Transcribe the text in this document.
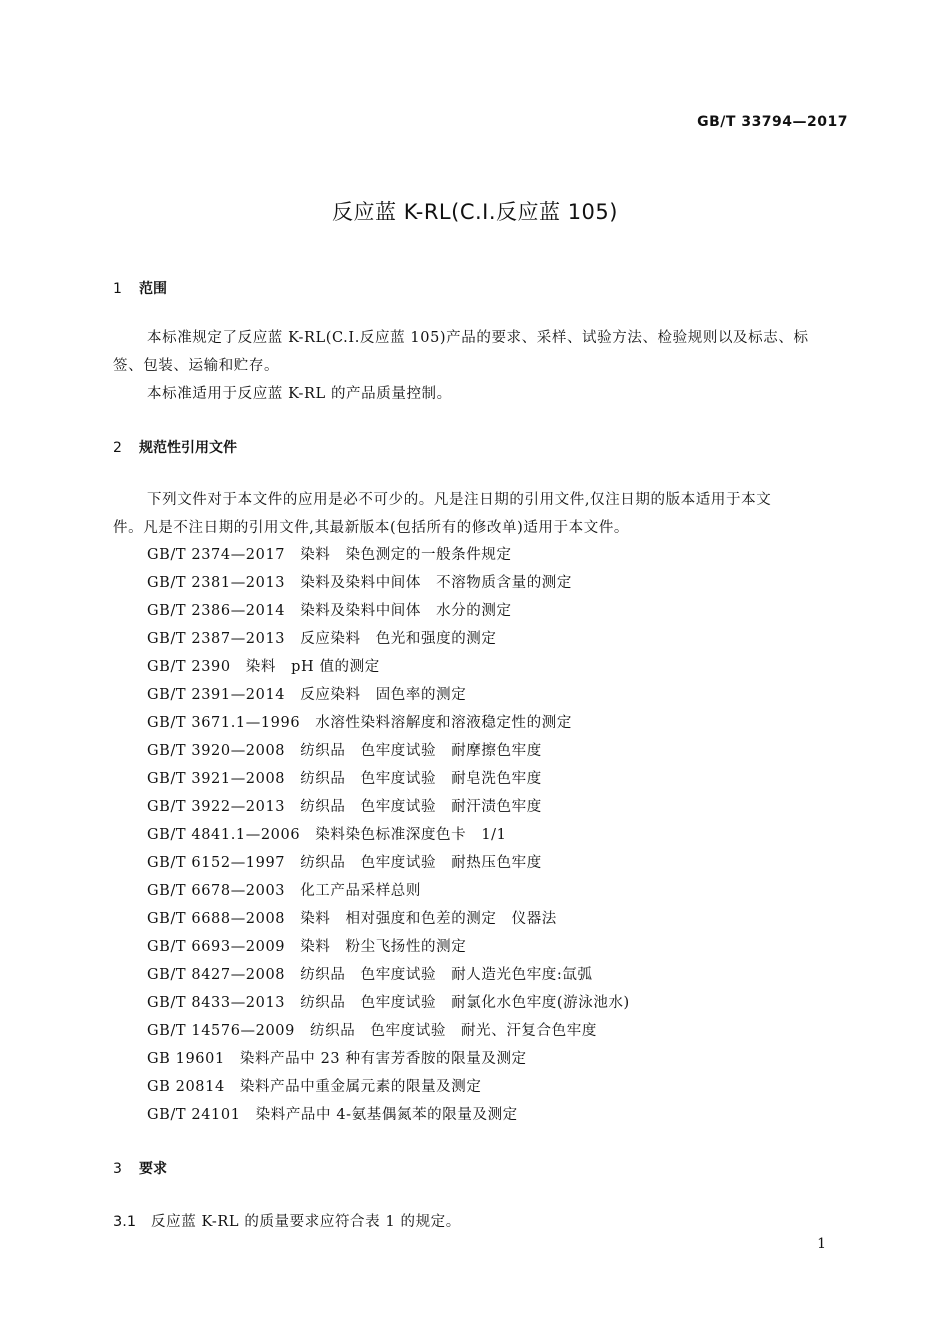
GB/T 33794—2017
反应蓝 K-RL(C.I.反应蓝 105)
1 范围
本标准规定了反应蓝 K-RL(C.I.反应蓝 105)产品的要求、采样、试验方法、检验规则以及标志、标
签、包装、运输和贮存。
本标准适用于反应蓝 K-RL 的产品质量控制。
2 规范性引用文件
下列文件对于本文件的应用是必不可少的。凡是注日期的引用文件,仅注日期的版本适用于本文
件。凡是不注日期的引用文件,其最新版本(包括所有的修改单)适用于本文件。
GB/T 2374—2017　染料　染色测定的一般条件规定
GB/T 2381—2013　染料及染料中间体　不溶物质含量的测定
GB/T 2386—2014　染料及染料中间体　水分的测定
GB/T 2387—2013　反应染料　色光和强度的测定
GB/T 2390　染料　pH 值的测定
GB/T 2391—2014　反应染料　固色率的测定
GB/T 3671.1—1996　水溶性染料溶解度和溶液稳定性的测定
GB/T 3920—2008　纺织品　色牢度试验　耐摩擦色牢度
GB/T 3921—2008　纺织品　色牢度试验　耐皂洗色牢度
GB/T 3922—2013　纺织品　色牢度试验　耐汗渍色牢度
GB/T 4841.1—2006　染料染色标准深度色卡　1/1
GB/T 6152—1997　纺织品　色牢度试验　耐热压色牢度
GB/T 6678—2003　化工产品采样总则
GB/T 6688—2008　染料　相对强度和色差的测定　仪器法
GB/T 6693—2009　染料　粉尘飞扬性的测定
GB/T 8427—2008　纺织品　色牢度试验　耐人造光色牢度:氙弧
GB/T 8433—2013　纺织品　色牢度试验　耐氯化水色牢度(游泳池水)
GB/T 14576—2009　纺织品　色牢度试验　耐光、汗复合色牢度
GB 19601　染料产品中 23 种有害芳香胺的限量及测定
GB 20814　染料产品中重金属元素的限量及测定
GB/T 24101　染料产品中 4-氨基偶氮苯的限量及测定
3 要求
3.1 反应蓝 K-RL 的质量要求应符合表 1 的规定。
1
